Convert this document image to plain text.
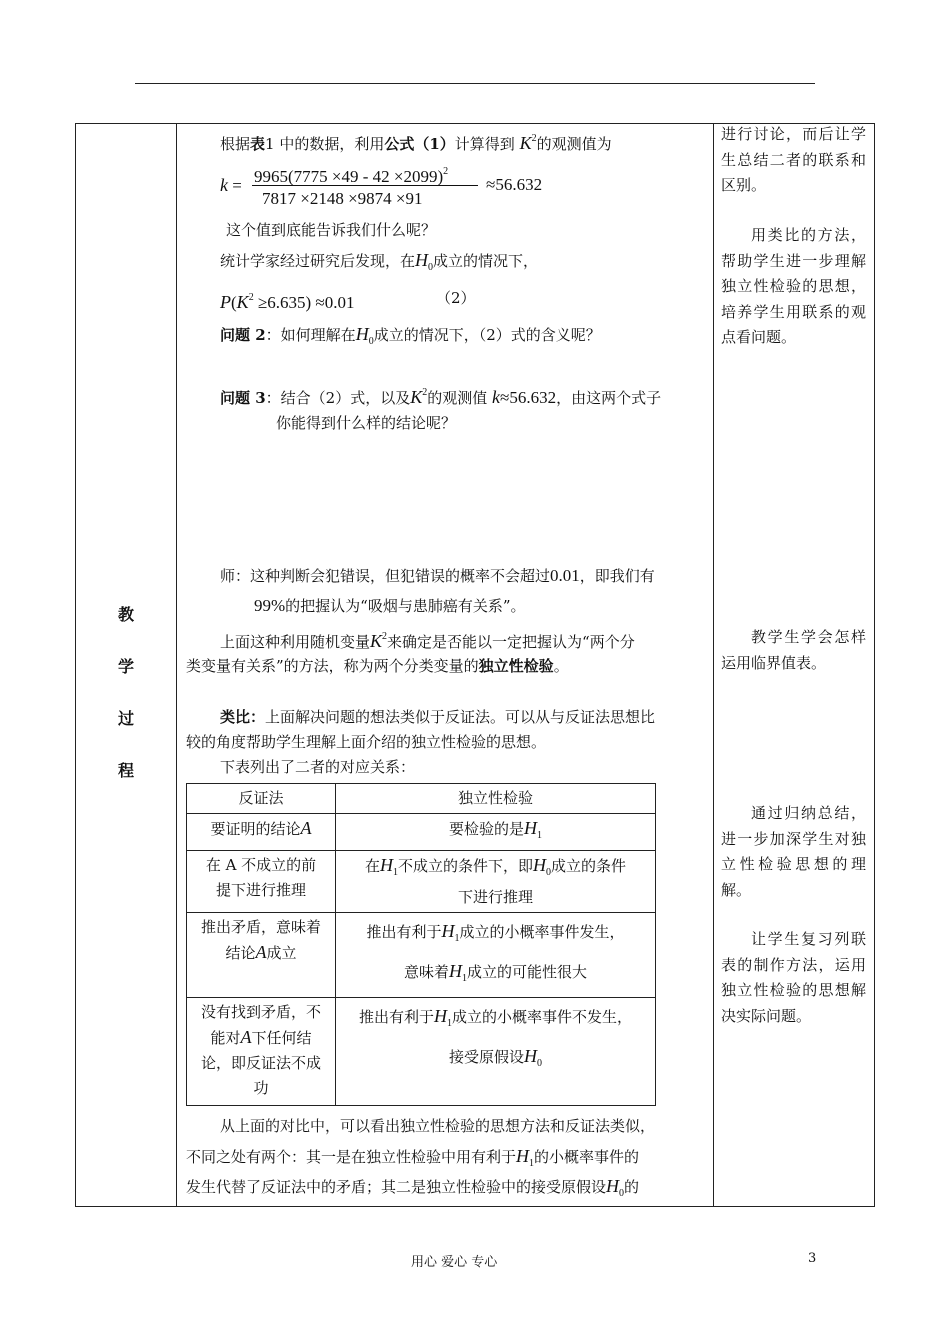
教
学
过
程
根据表1 中的数据，利用公式（1）计算得到 $K^2$的观测值为
$k = 9965(7775 \times 49 - 42 \times 2099)^2$
7817 ×2148 ×9874 ×91
≈56.632
这个值到底能告诉我们什么呢？
统计学家经过研究后发现，在$H_0$成立的情况下，
$P(K^2 \ge 6.635) \approx 0.01$	（2）
问题 2：如何理解在$H_0$成立的情况下，（2）式的含义呢？
问题 3：结合（2）式，以及$K^2$的观测值 k≈56.632，由这两个式子
你能得到什么样的结论呢？
师：这种判断会犯错误，但犯错误的概率不会超过0.01，即我们有
99%的把握认为“吸烟与患肺癌有关系”。
上面这种利用随机变量$K^2$来确定是否能以一定把握认为“两个分
类变量有关系”的方法，称为两个分类变量的独立性检验。
类比：上面解决问题的想法类似于反证法。可以从与反证法思想比
较的角度帮助学生理解上面介绍的独立性检验的思想。
下表列出了二者的对应关系：
反证法	独立性检验
要证明的结论A	要检验的是$H_1$
在 A 不成立的前
提下进行推理	在$H_1$不成立的条件下，即$H_0$成立的条件
下进行推理
推出矛盾，意味着
结论A成立	推出有利于$H_1$成立的小概率事件发生，
意味着$H_1$成立的可能性很大
没有找到矛盾，不
能对A下任何结
论，即反证法不成
功	推出有利于$H_1$成立的小概率事件不发生，
接受原假设$H_0$
从上面的对比中，可以看出独立性检验的思想方法和反证法类似，
不同之处有两个：其一是在独立性检验中用有利于$H_1$的小概率事件的
发生代替了反证法中的矛盾；其二是独立性检验中的接受原假设$H_0$的
进行讨论，而后让学生总结二者的联系和区别。
用类比的方法，帮助学生进一步理解独立性检验的思想，培养学生用联系的观点看问题。
教学生学会怎样运用临界值表。
通过归纳总结，进一步加深学生对独立性检验思想的理解。
让学生复习列联表的制作方法，运用独立性检验的思想解决实际问题。
用心 爱心 专心	3
